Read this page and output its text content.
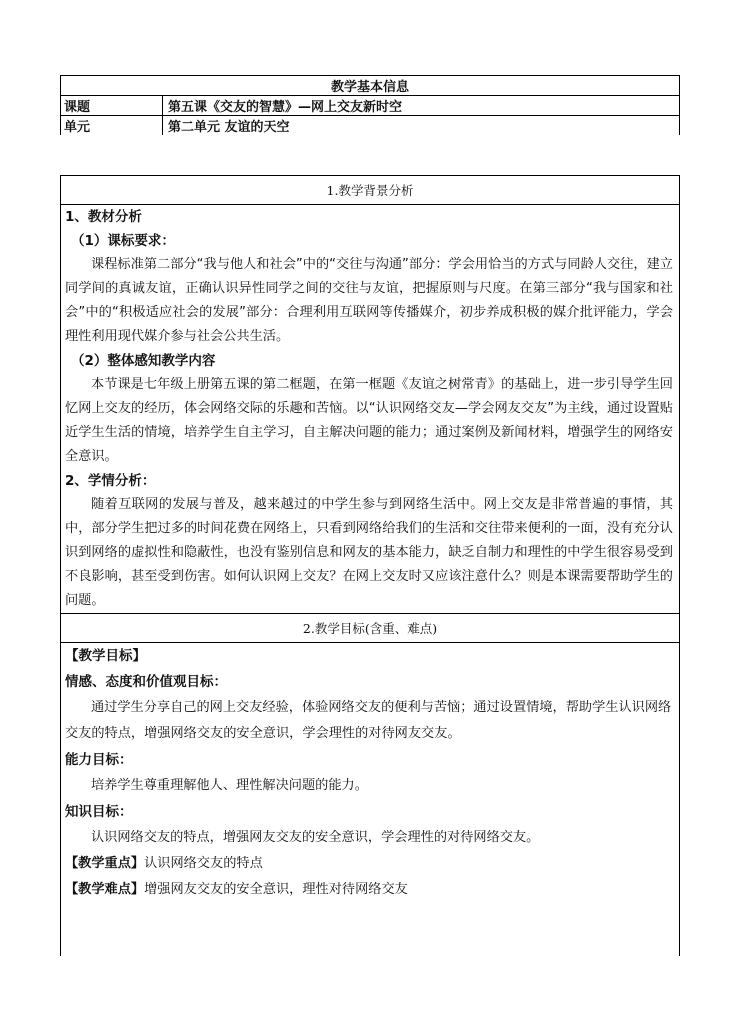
教学基本信息
课题	第五课《交友的智慧》—网上交友新时空
单元	第二单元 友谊的天空
1.教学背景分析

1、教材分析

（1）课标要求：

课程标准第二部分“我与他人和社会”中的“交往与沟通”部分：学会用恰当的方式与同龄人交往，建立同学间的真诚友谊，正确认识异性同学之间的交往与友谊，把握原则与尺度。在第三部分“我与国家和社会”中的“积极适应社会的发展”部分：合理利用互联网等传播媒介，初步养成积极的媒介批评能力，学会理性利用现代媒介参与社会公共生活。

（2）整体感知教学内容

本节课是七年级上册第五课的第二框题，在第一框题《友谊之树常青》的基础上，进一步引导学生回忆网上交友的经历，体会网络交际的乐趣和苦恼。以“认识网络交友—学会网友交友”为主线，通过设置贴近学生生活的情境，培养学生自主学习，自主解决问题的能力；通过案例及新闻材料，增强学生的网络安全意识。

2、学情分析：

随着互联网的发展与普及，越来越过的中学生参与到网络生活中。网上交友是非常普遍的事情，其中，部分学生把过多的时间花费在网络上，只看到网络给我们的生活和交往带来便利的一面，没有充分认识到网络的虚拟性和隐蔽性，也没有鉴别信息和网友的基本能力，缺乏自制力和理性的中学生很容易受到不良影响，甚至受到伤害。如何认识网上交友？在网上交友时又应该注意什么？则是本课需要帮助学生的问题。

2.教学目标(含重、难点)

【教学目标】

情感、态度和价值观目标：

通过学生分享自己的网上交友经验，体验网络交友的便利与苦恼；通过设置情境，帮助学生认识网络交友的特点，增强网络交友的安全意识，学会理性的对待网友交友。

能力目标：

培养学生尊重理解他人、理性解决问题的能力。

知识目标：

认识网络交友的特点，增强网友交友的安全意识，学会理性的对待网络交友。

【教学重点】认识网络交友的特点

【教学难点】增强网友交友的安全意识，理性对待网络交友
